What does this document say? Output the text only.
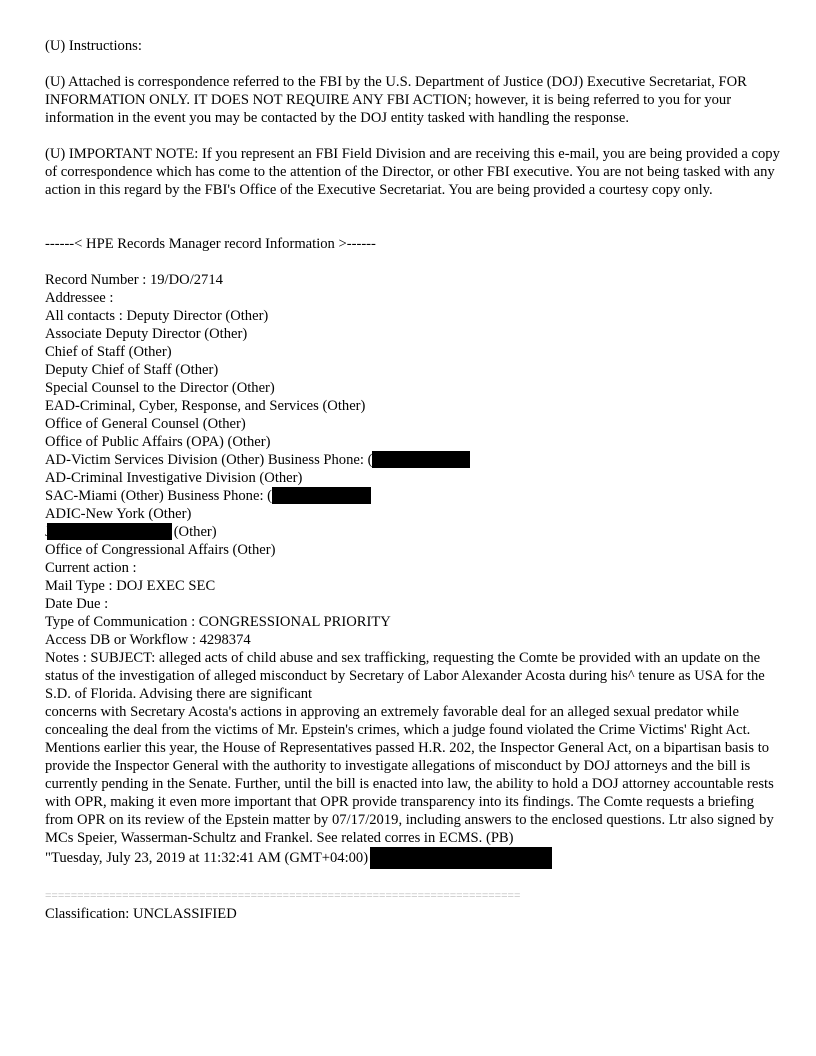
(U) Instructions:

(U) Attached is correspondence referred to the FBI by the U.S. Department of Justice (DOJ) Executive Secretariat, FOR INFORMATION ONLY. IT DOES NOT REQUIRE ANY FBI ACTION; however, it is being referred to you for your information in the event you may be contacted by the DOJ entity tasked with handling the response.

(U) IMPORTANT NOTE: If you represent an FBI Field Division and are receiving this e-mail, you are being provided a copy of correspondence which has come to the attention of the Director, or other FBI executive. You are not being tasked with any action in this regard by the FBI's Office of the Executive Secretariat. You are being provided a courtesy copy only.

------< HPE Records Manager record Information >------
Record Number : 19/DO/2714
Addressee :
All contacts : Deputy Director (Other)
Associate Deputy Director (Other)
Chief of Staff (Other)
Deputy Chief of Staff (Other)
Special Counsel to the Director (Other)
EAD-Criminal, Cyber, Response, and Services (Other)
Office of General Counsel (Other)
Office of Public Affairs (OPA) (Other)
AD-Victim Services Division (Other) Business Phone: (
AD-Criminal Investigative Division (Other)
SAC-Miami (Other) Business Phone: (
ADIC-New York (Other)
(Other)
Office of Congressional Affairs (Other)
Current action :
Mail Type : DOJ EXEC SEC
Date Due :
Type of Communication : CONGRESSIONAL PRIORITY
Access DB or Workflow : 4298374

Notes : SUBJECT: alleged acts of child abuse and sex trafficking, requesting the Comte be provided with an update on the status of the investigation of alleged misconduct by Secretary of Labor Alexander Acosta during his^ tenure as USA for the S.D. of Florida. Advising there are significant

concerns with Secretary Acosta's actions in approving an extremely favorable deal for an alleged sexual predator while concealing the deal from the victims of Mr. Epstein's crimes, which a judge found violated the Crime Victims' Right Act. Mentions earlier this year, the House of Representatives passed H.R. 202, the Inspector General Act, on a bipartisan basis to provide the Inspector General with the authority to investigate allegations of misconduct by DOJ attorneys and the bill is currently pending in the Senate. Further, until the bill is enacted into law, the ability to hold a DOJ attorney accountable rests with OPR, making it even more important that OPR provide transparency into its findings. The Comte requests a briefing from OPR on its review of the Epstein matter by 07/17/2019, including answers to the enclosed questions. Ltr also signed by MCs Speier, Wasserman-Schultz and Frankel. See related corres in ECMS. (PB)

"Tuesday, July 23, 2019 at 11:32:41 AM (GMT+04:00)
==========================================================================
Classification: UNCLASSIFIED
